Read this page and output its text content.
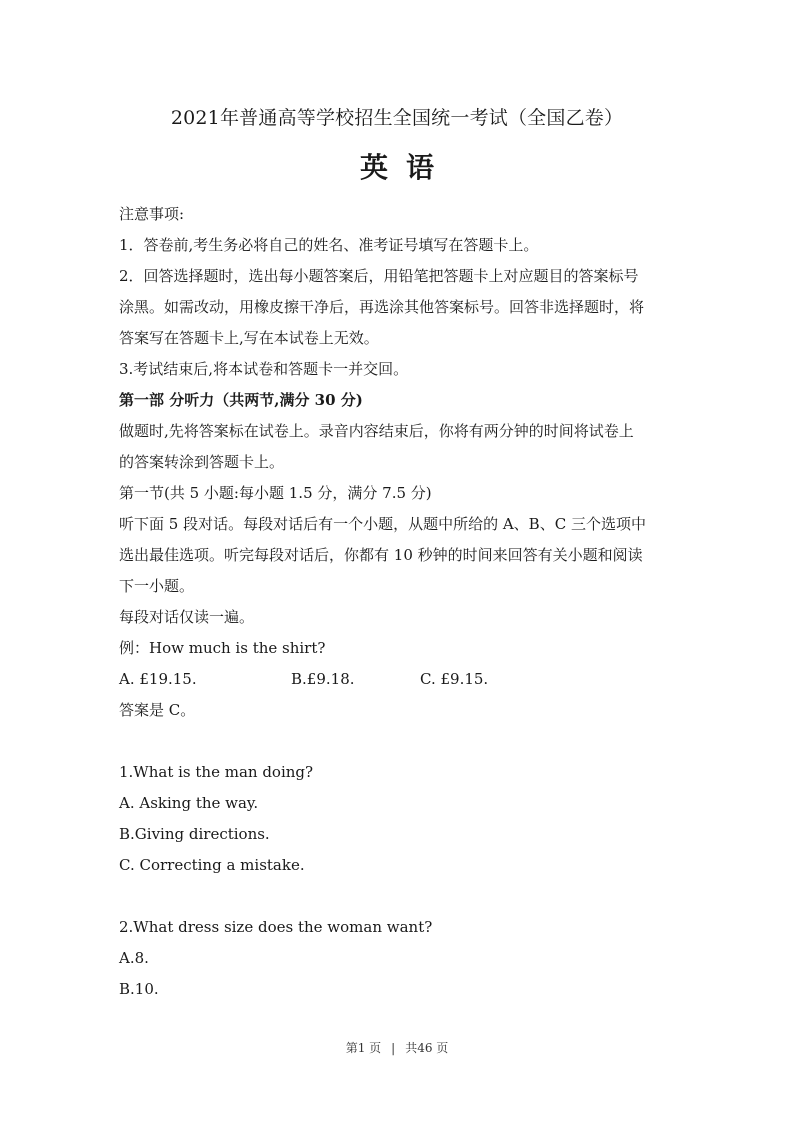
2021年普通高等学校招生全国统一考试（全国乙卷）
英语

注意事项:

1．答卷前,考生务必将自己的姓名、准考证号填写在答题卡上。

2．回答选择题时，选出每小题答案后，用铅笔把答题卡上对应题目的答案标号

涂黑。如需改动，用橡皮擦干净后，再选涂其他答案标号。回答非选择题时，将

答案写在答题卡上,写在本试卷上无效。

3.考试结束后,将本试卷和答题卡一并交回。

第一部 分听力（共两节,满分 30 分)

做题时,先将答案标在试卷上。录音内容结束后，你将有两分钟的时间将试卷上

的答案转涂到答题卡上。

第一节(共 5 小题:每小题 1.5 分，满分 7.5 分)

听下面 5 段对话。每段对话后有一个小题，从题中所给的 A、B、C 三个选项中

选出最佳选项。听完每段对话后，你都有 10 秒钟的时间来回答有关小题和阅读

下一小题。

每段对话仅读一遍。

例：How much is the shirt?

A. £19.15.	B.£9.18.	C. £9.15.

答案是 C。

1.What is the man doing?

A. Asking the way.

B.Giving directions.

C. Correcting a mistake.

2.What dress size does the woman want?

A.8.

B.10.

第1 页 | 共46 页
